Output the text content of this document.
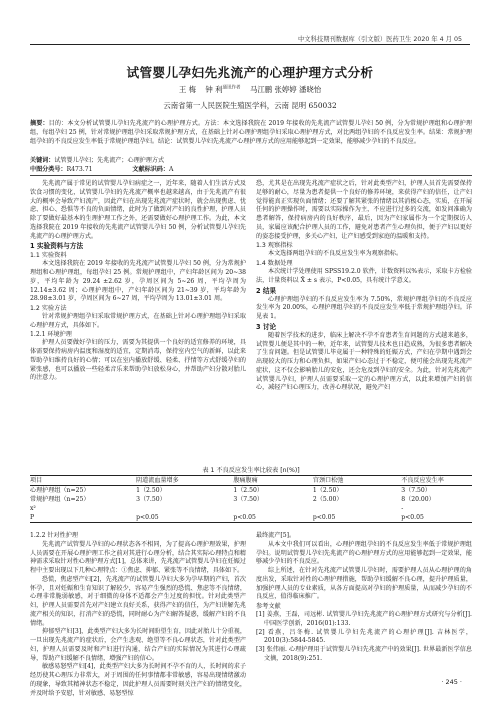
中文科技期刊数据库（引文版）医药卫生 2020 年 4 月 05
试管婴儿孕妇先兆流产的心理护理方式分析
王 梅 钟 利$^{通讯作者}$ 马江鹏 张婷婷 潘晓怡
云南省第一人民医院生殖医学科，云南 昆明 650032
摘要：目的：本文分析试管婴儿孕妇先兆流产的心理护理方式。方法：本文选择我院在 2019 年接收的先兆流产试管婴儿孕妇 50 例，分为常规护理组和心理护理组，每组孕妇 25 例，针对常规护理组孕妇采取常规护理方式，在基础上针对心理护理组孕妇采取心理护理方式，对比两组孕妇的不良反应发生率。结果：常规护理组孕妇的不良反应发生率低于常规护理组孕妇。结论：试管婴儿孕妇先兆流产心理护理方式的应用能够起到一定效果，能够减少孕妇的不良反应。
关键词：试管婴儿孕妇；先兆流产；心理护理方式
中图分类号：R473.71	文献标识码：A

先兆流产属于常见的试管婴儿孕妇病症之一，近年来，随着人们生活方式及饮食习惯的变化，试管婴儿孕妇的先兆流产概率也越来越高，由于先兆流产有很大的概率会导致产妇流产，因此产妇在出现先兆流产症状时，就会出现焦虑、忧虑、担心、恐惧等不良的负面情绪，此时为了做到对产妇的良性护理，护理人员除了要做好最基本的生理护理工作之外，还需要做好心理护理工作。为此，本文选择我院在 2019 年接收的先兆流产试管婴儿孕妇 50 例，分析试管婴儿孕妇先兆流产的心理护理方式。

1 实验资料与方法
1.1 实验资料

本文选择我院在 2019 年接收的先兆流产试管婴儿孕妇 50 例，分为常规护理组和心理护理组，每组孕妇 25 例。常规护理组中，产妇年龄区间为 20~38 岁，平均年龄为 29.24 ±2.62 岁，孕周区间为 5~26 周，平均孕周为 12.14±3.62 周；心理护理组中，产妇年龄区间为 21~39 岁，平均年龄为 28.98±3.01 岁，孕周区间为 6~27 周，平均孕周为 13.01±3.01 周。

1.2 实验方法

针对常规护理组孕妇采取常规护理方式，在基础上针对心理护理组孕妇采取心理护理方式，具体如下。

1.2.1 环境护理

护理人员要做好孕妇的压力，需要为其提供一个良好的适宜修养的环境，具体需要保持病房内温度和湿度的适宜，定期消毒，保持室内空气的新鲜，以此来帮助孕妇维持良好的心情；可以在室内播放舒缓、轻柔、抒情等方式舒缓孕妇的紧张感，也可以播放一些轻柔音乐来帮助孕妇放松身心，并帮助产妇分散对胎儿的注意力。

恐，尤其是在出现先兆流产症状之后，针对此类型产妇，护理人员首先需要保持足够的耐心，尽量为患者提供一个良好的修养环境，来获得产妇的信任，让产妇觉得能真正实现负面情绪；还要了解其紧张的情绪以其消极心态，实质，在开展任何的护理操作时，需要以实际操作为主，不应进行过多的交流，如发问准确为患者解答，保持病房内的良好秩序，最后，因为产妇家属作为一个定期探访人员，家属应该配合护理人员的工作，避免对患者产生心理负担，便于产妇以更好的姿态接受护理，多关心产妇，让产妇感受到家庭的温暖和支持。

1.3 观察指标

本文选择两组孕妇的不良反应发生率为观察指标。

1.4 数据处理

本次统计学处理使用 SPSS19.2.0 软件，计数资料以%表示，采取卡方检验法，计量资料以 X̄ ± s 表示，P<0.05，具有统计学意义。

2 结果

心理护理组孕妇的不良反应发生率为 7.50%，常规护理组孕妇的不良反应发生率为 20.00%，心理护理组孕妇的不良反应发生率低于常规护理组孕妇。详见表 1。

3 讨论

随着医学技术的进步，临床上解决不孕不育患者生育问题的方式越来越多，试管婴儿便是其中的一种，近年来，试管婴儿技术也日趋成熟，为很多患者解决了生育问题。但是试管婴儿毕竟属于一种特殊的妊娠方式，产妇在孕期中遇到会出现较大的压力和心理负担，如果产妇心态过于不稳定，便可能会出现先兆流产症状，这不仅会影响胎儿的安危，还会危及到孕妇的安全。为此，针对先兆流产试管婴儿孕妇，护理人员需要采取一定的心理护理方式，以此来增加产妇的信心，减轻产妇心理压力，改善心理状况，避免产妇

表 1 不良反应发生率比较表 [n(%)]
项目	阴道流血量增多	腹痛腹痛	宫颈口松弛	不良反应发生率
心理护理组（n=25）	1（2.50）	1（2.50）	1（2.50）	3（7.50）
常规护理组（n=25）	3（7.50）	3（7.50）	2（5.00）	8（20.00）
x²				-
P	p<0.05	p<0.05	p<0.05	p<0.05
1.2.2 针对性护理

先兆流产试管婴儿孕妇的心理状态各不相同，为了提高心理护理效果，护理人员需要在开展心理护理工作之前对其进行心理分析，结合其实际心理特点和精神需求采取针对性心理护理方式[1]，总体来讲，先兆流产试管婴儿孕妇在妊娠过程中主要出现以下几种心理特点：①焦虑、抑郁、紧张等不良情绪，具体如下。

恐慌，焦虑型产妇[2]，先兆流产的试管婴儿孕妇大多为孕早期的产妇，首次怀孕，且对妊娠和生育知识了解较少，容易产生强烈的恐慌、焦虑等不良情绪，心理非常脆弱敏感，对于细微的身体不适都会产生过度的担忧。针对此类型产妇，护理人员需要首先对产妇建立良好关系，获得产妇的信任，为产妇讲解先兆流产相关的知识，打消产妇的恐慌，同时耐心为产妇解答疑惑，缓解产妇的不良情绪。

抑郁型产妇[3]，此类型产妇大多为长时间盼望生育，因此对胎儿十分重视，一旦出现先兆流产的症状后，会产生悲观、绝望等不良心理状态，针对此类型产妇，护理人员需要及时和产妇进行沟通，结合产妇的实际情况为其进行心理疏导，帮助产妇缓解不良情绪，增强产妇的信心。

敏感易怒型产妇[4]，此类型产妇大多为长时间不孕不育的人，长时间的求子经历使其心理压力非常大，对于周围的任何事情都非常敏感，容易出现情绪激动的现象，导致其精神状态不稳定，因此护理人员需要时刻关注产妇的情绪变化，并及时给予安慰，针对敏感、易怒型惊

最终流产[5]。

从本文中我们可以看出，心理护理组孕妇的不良反应发生率低于常规护理组孕妇。说明试管婴儿孕妇先兆流产的心理护理方式的应用能够起到一定效果，能够减少孕妇的不良反应。

综上所述，在针对先兆流产试管婴儿孕妇时，需要护理人员从心理护理的角度出发，采取针对性的心理护理措施，帮助孕妇缓解不良心理，提升护理质量，加强护理人员的专业素质，从各方面提高对孕妇的护理质量，从而减少孕妇的不良反应，值得临床推广。

参考文献

[1] 姜燕，王磊，司远彬. 试管婴儿孕妇先兆流产的心理护理方式研究与分析[J]. 中国医学创新，2016(01):133.

[2] 看燕，吕冬梅. 试管婴儿孕妇先兆流产的心理护理[J]. 吉林医学，2010(3):5844-5845.

[3] 张伟丽. 心理护理用于试管婴儿孕妇先兆流产中的效果[J]. 世界最新医学信息文摘，2018(9):251.

· 245 ·
